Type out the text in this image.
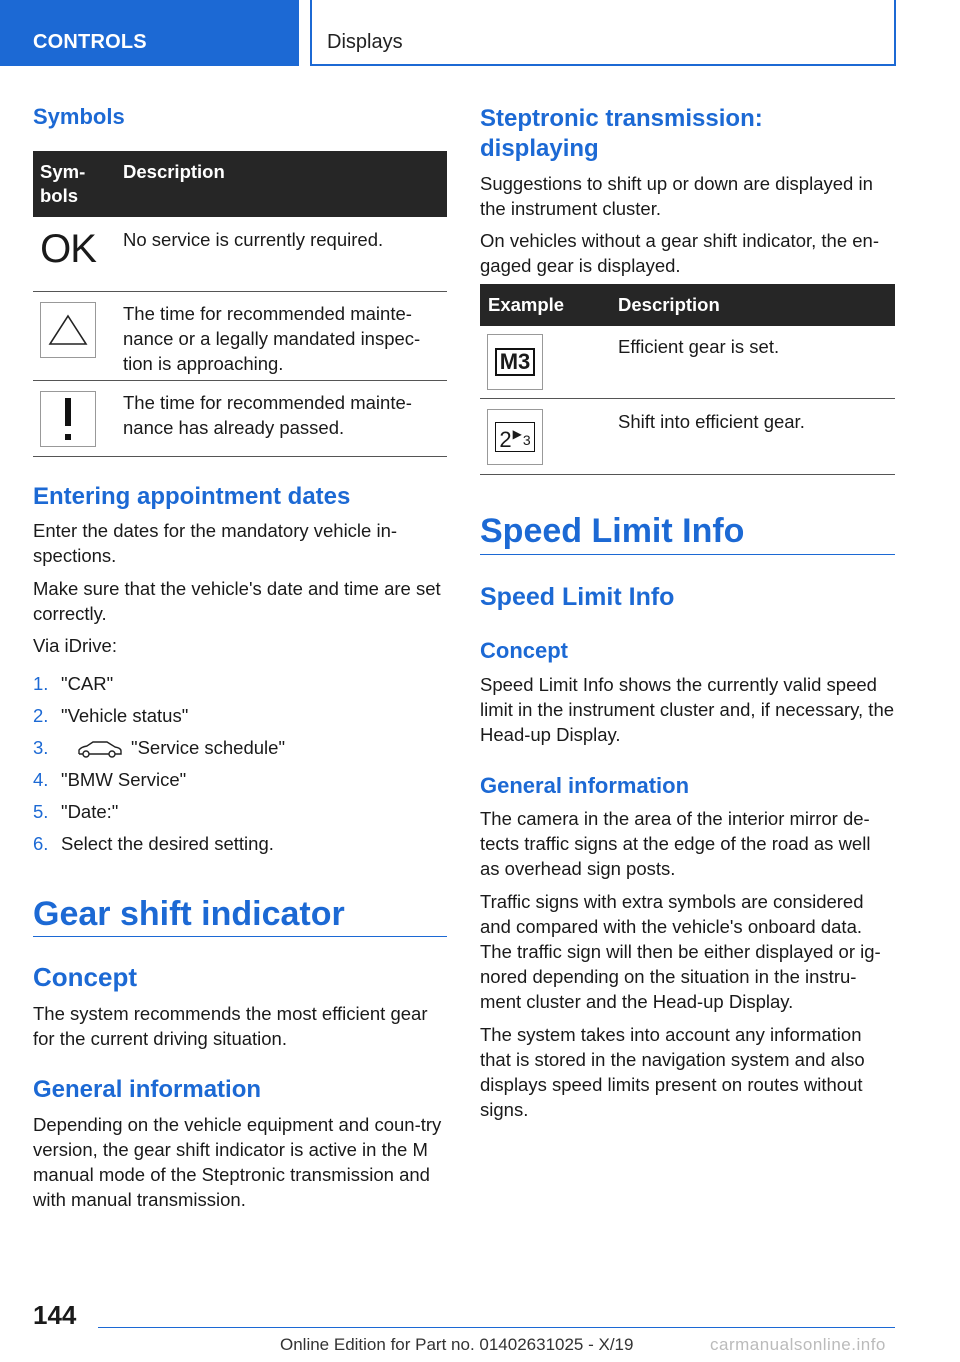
CONTROLS	Displays
Symbols
Sym-
bols	Description

OK	No service is currently required.

	The time for recommended mainte-nance or a legally mandated inspec-tion is approaching.

	The time for recommended mainte-nance has already passed.
Entering appointment dates
Enter the dates for the mandatory vehicle in-spections.
Make sure that the vehicle's date and time are set correctly.
Via iDrive:
1. "CAR"
2. "Vehicle status"
3.	"Service schedule"
4. "BMW Service"
5. "Date:"
6. Select the desired setting.
Gear shift indicator
Concept
The system recommends the most efficient gear for the current driving situation.
General information
Depending on the vehicle equipment and coun-try version, the gear shift indicator is active in the M manual mode of the Steptronic transmission and with manual transmission.
Steptronic transmission: displaying
Suggestions to shift up or down are displayed in the instrument cluster.
On vehicles without a gear shift indicator, the en-gaged gear is displayed.
Example	Description

M3	Efficient gear is set.

2 ▶ 3	Shift into efficient gear.
Speed Limit Info
Speed Limit Info
Concept
Speed Limit Info shows the currently valid speed limit in the instrument cluster and, if necessary, the Head-up Display.
General information
The camera in the area of the interior mirror de-tects traffic signs at the edge of the road as well as overhead sign posts.
Traffic signs with extra symbols are considered and compared with the vehicle's onboard data. The traffic sign will then be either displayed or ig-nored depending on the situation in the instru-ment cluster and the Head-up Display.
The system takes into account any information that is stored in the navigation system and also displays speed limits present on routes without signs.
144
Online Edition for Part no. 01402631025 - X/19	carmanualsonline.info
